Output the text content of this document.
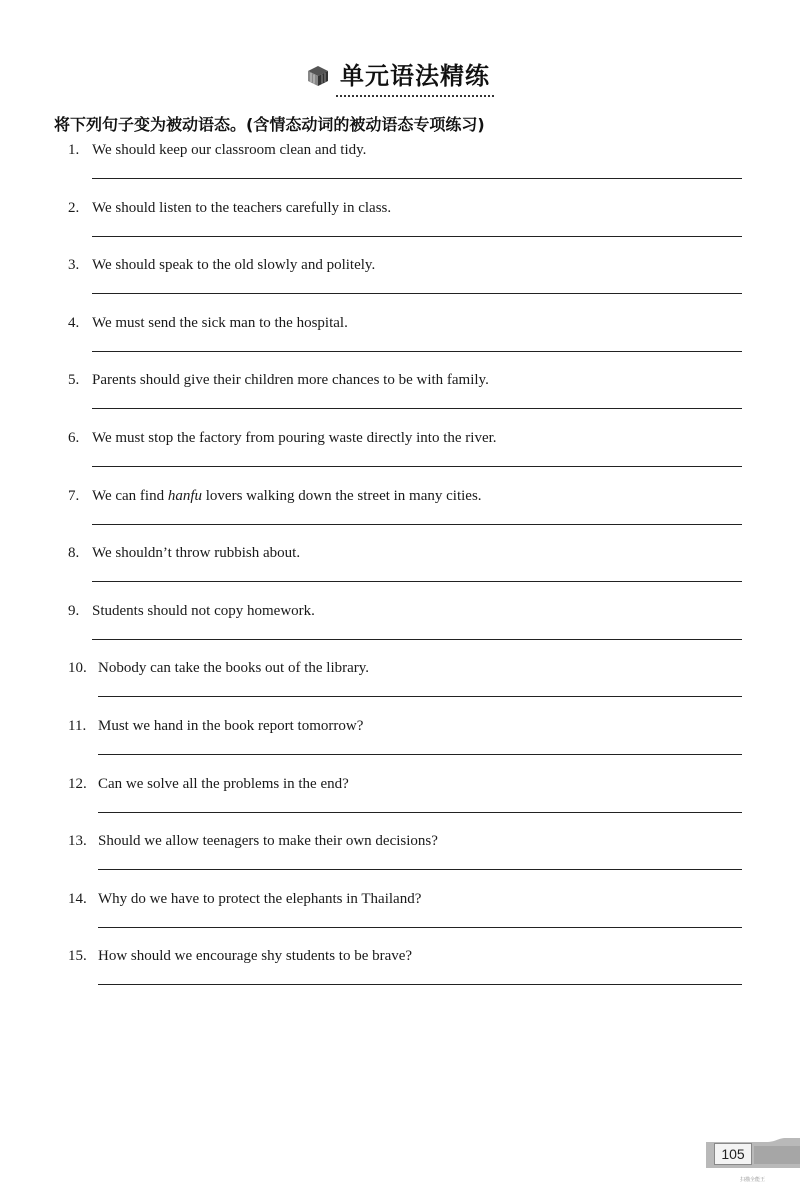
单元语法精练
将下列句子变为被动语态。(含情态动词的被动语态专项练习)
1. We should keep our classroom clean and tidy.
2. We should listen to the teachers carefully in class.
3. We should speak to the old slowly and politely.
4. We must send the sick man to the hospital.
5. Parents should give their children more chances to be with family.
6. We must stop the factory from pouring waste directly into the river.
7. We can find hanfu lovers walking down the street in many cities.
8. We shouldn’t throw rubbish about.
9. Students should not copy homework.
10. Nobody can take the books out of the library.
11. Must we hand in the book report tomorrow?
12. Can we solve all the problems in the end?
13. Should we allow teenagers to make their own decisions?
14. Why do we have to protect the elephants in Thailand?
15. How should we encourage shy students to be brave?
105
扫描全能王
